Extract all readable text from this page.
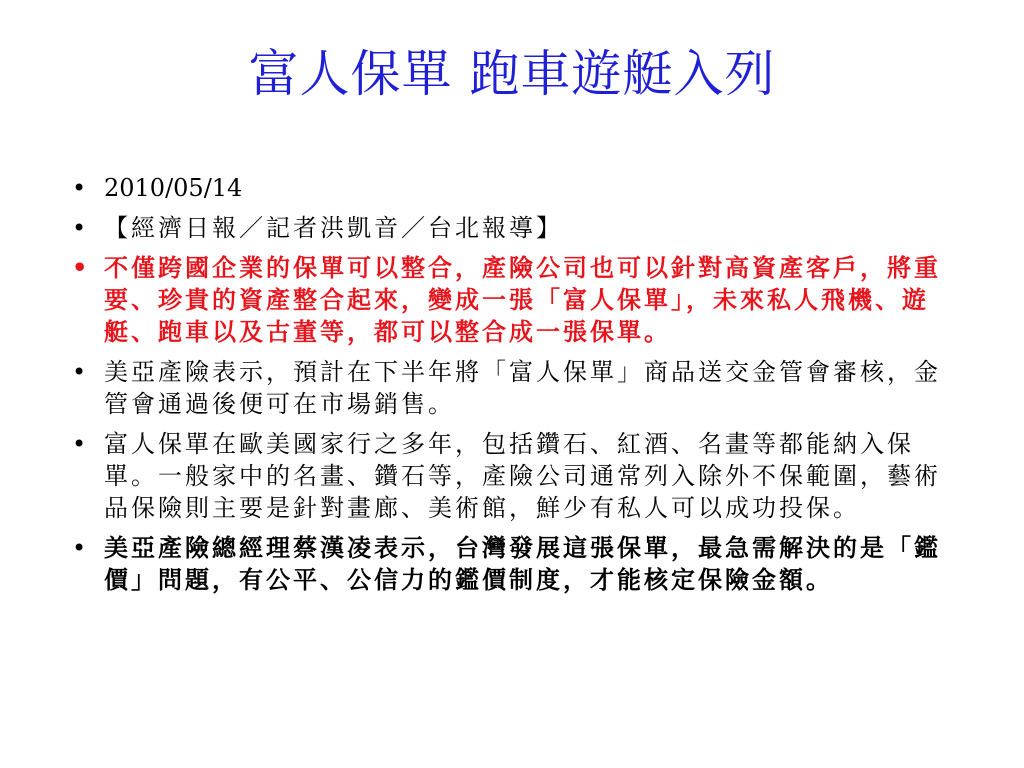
富人保單 跑車遊艇入列
• 2010/05/14
• 【經濟日報／記者洪凱音／台北報導】
• 不僅跨國企業的保單可以整合，產險公司也可以針對高資產客戶，將重要、珍貴的資產整合起來，變成一張「富人保單」，未來私人飛機、遊艇、跑車以及古董等，都可以整合成一張保單。
• 美亞產險表示，預計在下半年將「富人保單」商品送交金管會審核，金管會通過後便可在市場銷售。
• 富人保單在歐美國家行之多年，包括鑽石、紅酒、名畫等都能納入保單。一般家中的名畫、鑽石等，產險公司通常列入除外不保範圍，藝術品保險則主要是針對畫廊、美術館，鮮少有私人可以成功投保。
• 美亞產險總經理蔡漢凌表示，台灣發展這張保單，最急需解決的是「鑑價」問題，有公平、公信力的鑑價制度，才能核定保險金額。
